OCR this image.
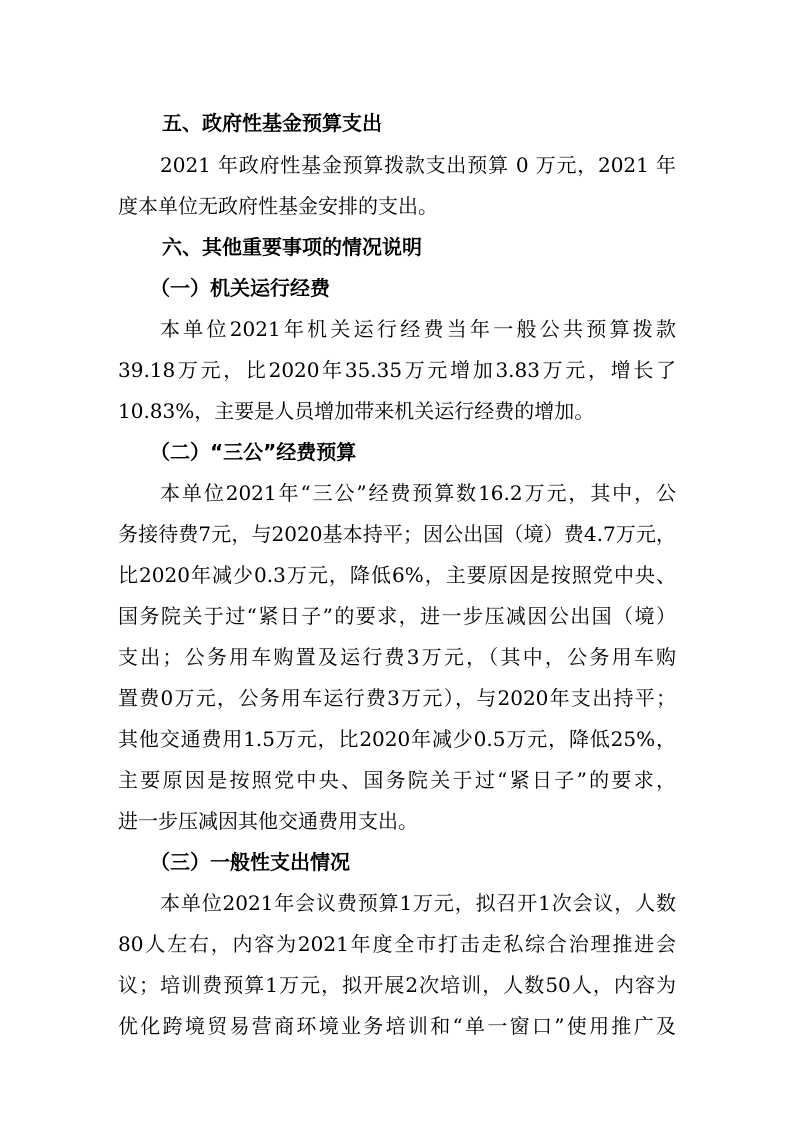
五、政府性基金预算支出
2021 年政府性基金预算拨款支出预算 0 万元，2021 年
度本单位无政府性基金安排的支出。
六、其他重要事项的情况说明
（一）机关运行经费
本单位2021年机关运行经费当年一般公共预算拨款
39.18万元，比2020年35.35万元增加3.83万元，增长了
10.83%，主要是人员增加带来机关运行经费的增加。
（二）“三公”经费预算
本单位2021年“三公”经费预算数16.2万元，其中，公
务接待费7元，与2020基本持平；因公出国（境）费4.7万元，
比2020年减少0.3万元，降低6%，主要原因是按照党中央、
国务院关于过“紧日子”的要求，进一步压减因公出国（境）
支出；公务用车购置及运行费3万元，（其中，公务用车购
置费0万元，公务用车运行费3万元），与2020年支出持平；
其他交通费用1.5万元，比2020年减少0.5万元，降低25%，
主要原因是按照党中央、国务院关于过“紧日子”的要求，
进一步压减因其他交通费用支出。
（三）一般性支出情况
本单位2021年会议费预算1万元，拟召开1次会议，人数
80人左右，内容为2021年度全市打击走私综合治理推进会
议；培训费预算1万元，拟开展2次培训，人数50人，内容为
优化跨境贸易营商环境业务培训和“单一窗口”使用推广及
